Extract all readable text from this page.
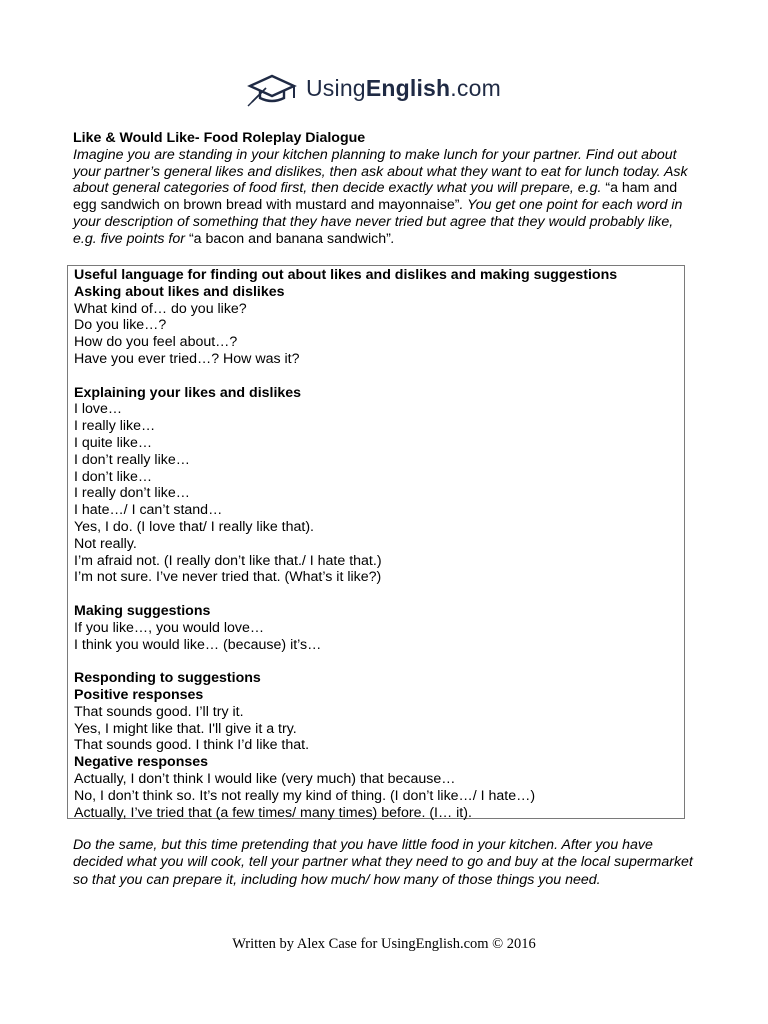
UsingEnglish.com

Like & Would Like- Food Roleplay Dialogue

Imagine you are standing in your kitchen planning to make lunch for your partner. Find out about your partner’s general likes and dislikes, then ask about what they want to eat for lunch today. Ask about general categories of food first, then decide exactly what you will prepare, e.g. “a ham and egg sandwich on brown bread with mustard and mayonnaise”. You get one point for each word in your description of something that they have never tried but agree that they would probably like, e.g. five points for “a bacon and banana sandwich”.

Useful language for finding out about likes and dislikes and making suggestions
Asking about likes and dislikes
What kind of… do you like?
Do you like…?
How do you feel about…?
Have you ever tried…? How was it?
Explaining your likes and dislikes
I love…
I really like…
I quite like…
I don’t really like…
I don’t like…
I really don’t like…
I hate…/ I can’t stand…
Yes, I do. (I love that/ I really like that).
Not really.
I’m afraid not. (I really don’t like that./ I hate that.)
I’m not sure. I’ve never tried that. (What’s it like?)
Making suggestions
If you like…, you would love…
I think you would like… (because) it’s…
Responding to suggestions
Positive responses
That sounds good. I’ll try it.
Yes, I might like that. I'll give it a try.
That sounds good. I think I’d like that.
Negative responses
Actually, I don’t think I would like (very much) that because…
No, I don’t think so. It’s not really my kind of thing. (I don’t like…/ I hate…)
Actually, I’ve tried that (a few times/ many times) before. (I… it).

Do the same, but this time pretending that you have little food in your kitchen. After you have decided what you will cook, tell your partner what they need to go and buy at the local supermarket so that you can prepare it, including how much/ how many of those things you need.

Written by Alex Case for UsingEnglish.com © 2016
